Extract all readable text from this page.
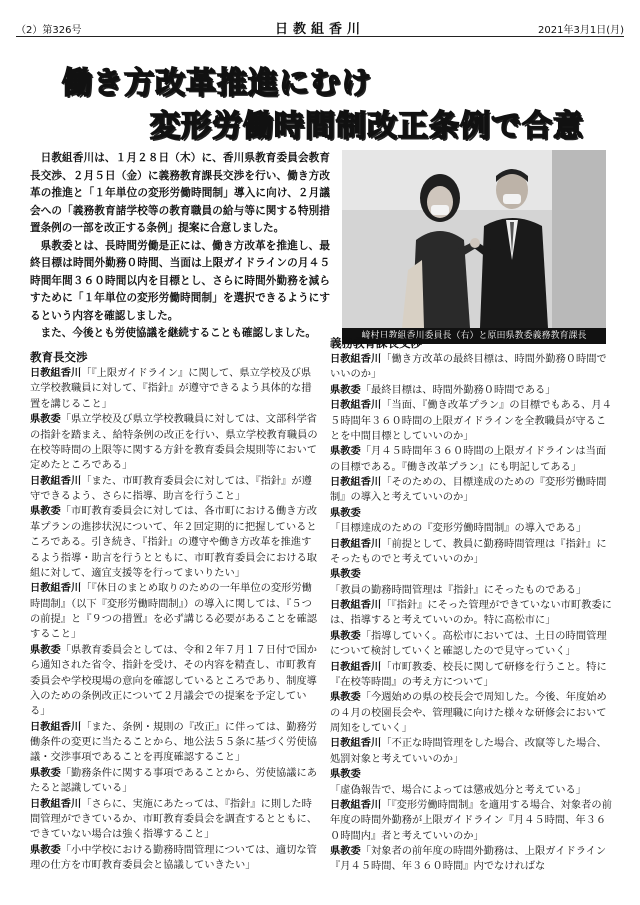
（2）第326号	日教組香川	2021年3月1日(月)
働き方改革推進にむけ
変形労働時間制改正条例で合意

日教組香川は、１月２８日（木）に、香川県教育委員会教育長交渉、２月５日（金）に義務教育課長交渉を行い、働き方改革の推進と「１年単位の変形労働時間制」導入に向け、２月議会への「義務教育諸学校等の教育職員の給与等に関する特別措置条例の一部を改正する条例」提案に合意しました。

県教委とは、長時間労働是正には、働き方改革を推進し、最終目標は時間外勤務０時間、当面は上限ガイドラインの月４５時間年間３６０時間以内を目標とし、さらに時間外勤務を減らすために「１年単位の変形労働時間制」を選択できるようにするという内容を確認しました。

また、今後とも労使協議を継続することも確認しました。	﨑村日教組香川委員長（右）と原田県教委義務教育課長
教育長交渉

日教組香川「『上限ガイドライン』に関して、県立学校及び県立学校教職員に対して、『指針』が遵守できるよう具体的な措置を講じること」

県教委「県立学校及び県立学校教職員に対しては、文部科学省の指針を踏まえ、給特条例の改正を行い、県立学校教育職員の在校等時間の上限等に関する方針を教育委員会規則等において定めたところである」

日教組香川「また、市町教育委員会に対しては、『指針』が遵守できるよう、さらに指導、助言を行うこと」

県教委「市町教育委員会に対しては、各市町における働き方改革プランの進捗状況について、年２回定期的に把握しているところである。引き続き、『指針』の遵守や働き方改革を推進するよう指導・助言を行うとともに、市町教育委員会における取組に対して、適宜支援等を行ってまいりたい」

日教組香川「『休日のまとめ取りのための一年単位の変形労働時間制』（以下『変形労働時間制』）の導入に関しては、『５つの前提』と『９つの措置』を必ず講じる必要があることを確認すること」

県教委「県教育委員会としては、令和２年７月１７日付で国から通知された省令、指針を受け、その内容を精査し、市町教育委員会や学校現場の意向を確認しているところであり、制度導入のための条例改正について２月議会での提案を予定している」

日教組香川「また、条例・規則の『改正』に伴っては、勤務労働条件の変更に当たることから、地公法５５条に基づく労使協議・交渉事項であることを再度確認すること」

県教委「勤務条件に関する事項であることから、労使協議にあたると認識している」

日教組香川「さらに、実施にあたっては、『指針』に則した時間管理ができているか、市町教育委員会を調査するとともに、できていない場合は強く指導すること」

県教委「小中学校における勤務時間管理については、適切な管理の仕方を市町教育委員会と協議していきたい」

義務教育課長交渉

日教組香川「働き方改革の最終目標は、時間外勤務０時間でいいのか」

県教委「最終目標は、時間外勤務０時間である」

日教組香川「当面、『働き改革プラン』の目標でもある、月４５時間年３６０時間の上限ガイドラインを全教職員が守ることを中間目標としていいのか」

県教委「月４５時間年３６０時間の上限ガイドラインは当面の目標である。『働き改革プラン』にも明記してある」

日教組香川「そのための、目標達成のための『変形労働時間制』の導入と考えていいのか」

県教委「目標達成のための『変形労働時間制』の導入である」

日教組香川「前提として、教員に勤務時間管理は『指針』にそったものでと考えていいのか」

県教委「教員の勤務時間管理は『指針』にそったものである」

日教組香川「『指針』にそった管理ができていない市町教委には、指導すると考えていいのか。特に高松市に」

県教委「指導していく。高松市においては、土日の時間管理について検討していくと確認したので見守っていく」

日教組香川「市町教委、校長に関して研修を行うこと。特に『在校等時間』の考え方について」

県教委「今週始めの県の校長会で周知した。今後、年度始めの４月の校園長会や、管理職に向けた様々な研修会において周知をしていく」

日教組香川「不正な時間管理をした場合、改竄等した場合、処罰対象と考えていいのか」

県教委「虚偽報告で、場合によっては懲戒処分と考えている」

日教組香川「『変形労働時間制』を適用する場合、対象者の前年度の時間外勤務が上限ガイドライン『月４５時間、年３６０時間内』者と考えていいのか」

県教委「対象者の前年度の時間外勤務は、上限ガイドライン『月４５時間、年３６０時間』内でなければな
